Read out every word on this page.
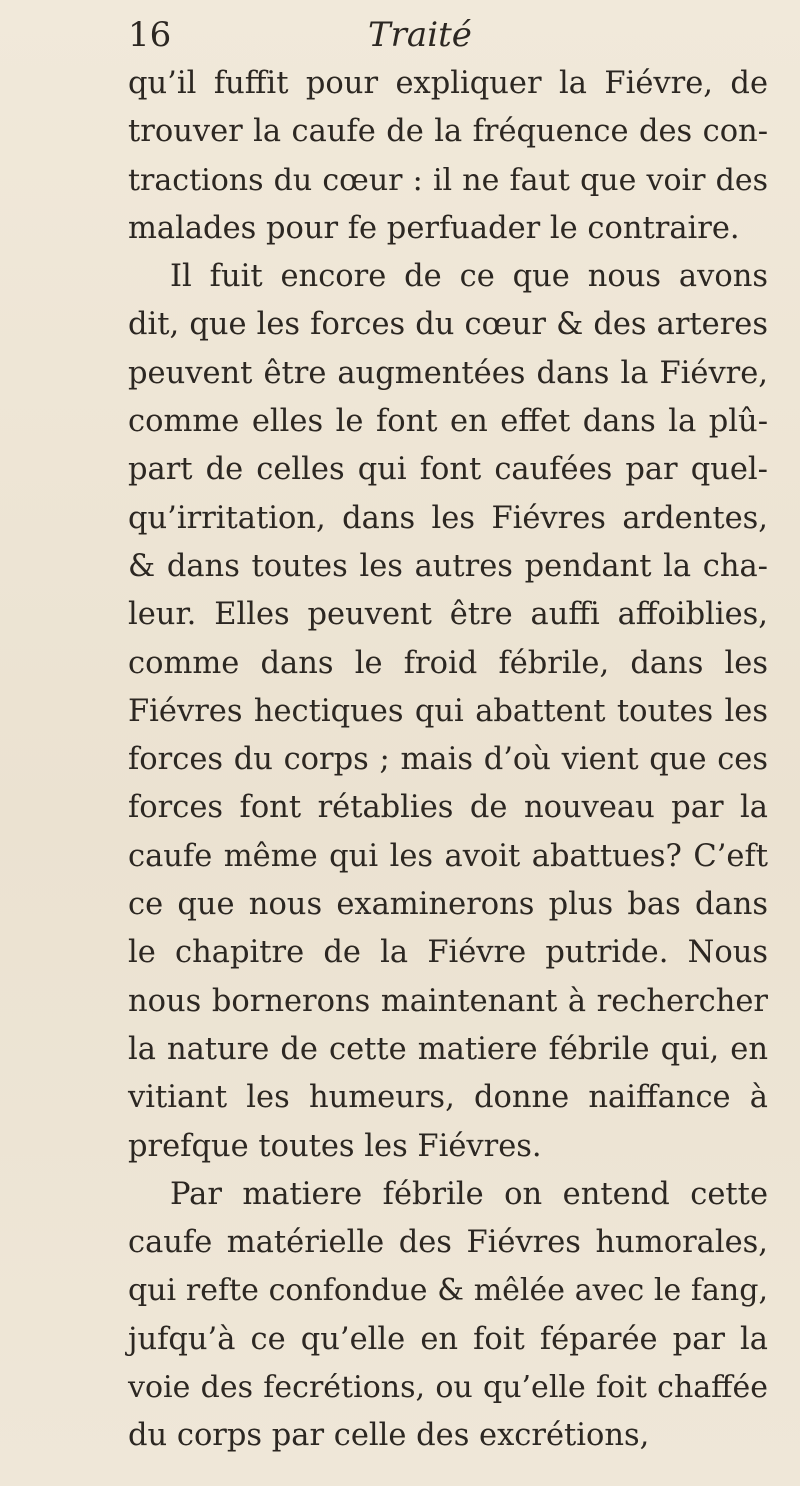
16	Traité
qu’il fuffit pour expliquer la Fiévre, de
trouver la caufe de la fréquence des con-
tractions du cœur : il ne faut que voir des
malades pour fe perfuader le contraire.
Il fuit encore de ce que nous avons
dit, que les forces du cœur & des arteres
peuvent être augmentées dans la Fiévre,
comme elles le font en effet dans la plû-
part de celles qui font caufées par quel-
qu’irritation, dans les Fiévres ardentes,
& dans toutes les autres pendant la cha-
leur. Elles peuvent être auffi affoiblies,
comme dans le froid fébrile, dans les
Fiévres hectiques qui abattent toutes les
forces du corps ; mais d’où vient que ces
forces font rétablies de nouveau par la
caufe même qui les avoit abattues? C’eft
ce que nous examinerons plus bas dans
le chapitre de la Fiévre putride. Nous
nous bornerons maintenant à rechercher
la nature de cette matiere fébrile qui, en
vitiant les humeurs, donne naiffance à
prefque toutes les Fiévres.
Par matiere fébrile on entend cette
caufe matérielle des Fiévres humorales,
qui refte confondue & mêlée avec le fang,
jufqu’à ce qu’elle en foit féparée par la
voie des fecrétions, ou qu’elle foit chaffée
du corps par celle des excrétions,
